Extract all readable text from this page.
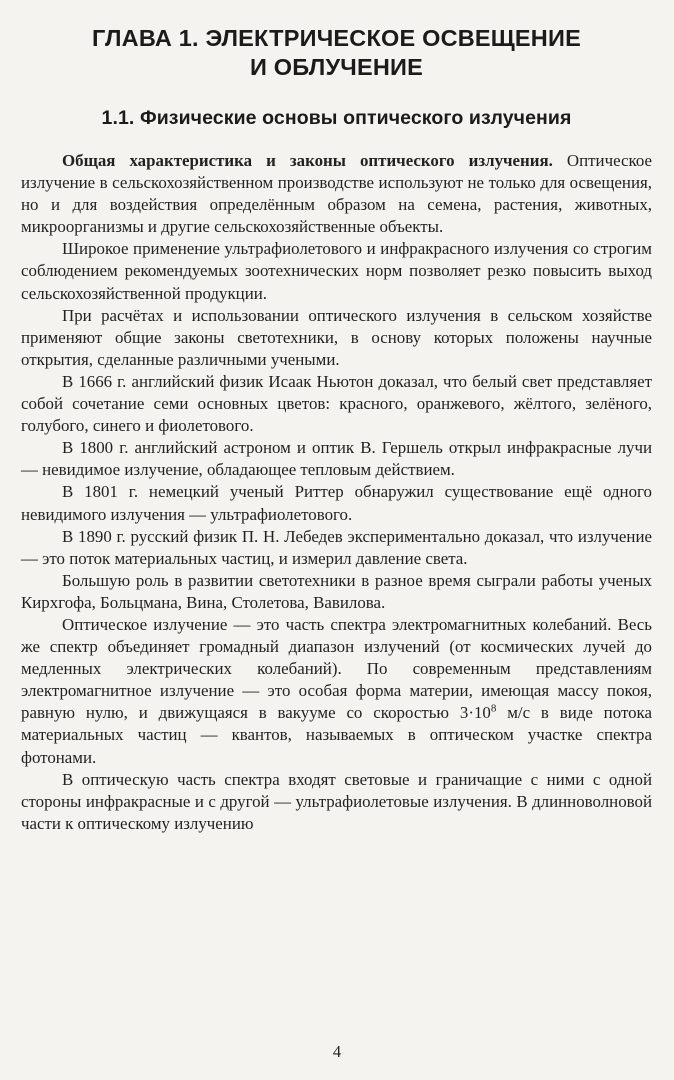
ГЛАВА 1. ЭЛЕКТРИЧЕСКОЕ ОСВЕЩЕНИЕ
И ОБЛУЧЕНИЕ
1.1. Физические основы оптического излучения

Общая характеристика и законы оптического излучения. Оптическое излучение в сельскохозяйственном производстве используют не только для освещения, но и для воздействия определённым образом на семена, растения, животных, микроорганизмы и другие сельскохозяйственные объекты.

Широкое применение ультрафиолетового и инфракрасного излучения со строгим соблюдением рекомендуемых зоотехнических норм позволяет резко повысить выход сельскохозяйственной продукции.

При расчётах и использовании оптического излучения в сельском хозяйстве применяют общие законы светотехники, в основу которых положены научные открытия, сделанные различными учеными.

В 1666 г. английский физик Исаак Ньютон доказал, что белый свет представляет собой сочетание семи основных цветов: красного, оранжевого, жёлтого, зелёного, голубого, синего и фиолетового.

В 1800 г. английский астроном и оптик В. Гершель открыл инфракрасные лучи — невидимое излучение, обладающее тепловым действием.

В 1801 г. немецкий ученый Риттер обнаружил существование ещё одного невидимого излучения — ультрафиолетового.

В 1890 г. русский физик П. Н. Лебедев экспериментально доказал, что излучение — это поток материальных частиц, и измерил давление света.

Большую роль в развитии светотехники в разное время сыграли работы ученых Кирхгофа, Больцмана, Вина, Столетова, Вавилова.

Оптическое излучение — это часть спектра электромагнитных колебаний. Весь же спектр объединяет громадный диапазон излучений (от космических лучей до медленных электрических колебаний). По современным представлениям электромагнитное излучение — это особая форма материи, имеющая массу покоя, равную нулю, и движущаяся в вакууме со скоростью $3\cdot 10^8$ м/с в виде потока материальных частиц — квантов, называемых в оптическом участке спектра фотонами.

В оптическую часть спектра входят световые и граничащие с ними с одной стороны инфракрасные и с другой — ультрафиолетовые излучения. В длинноволновой части к оптическому излучению

4
